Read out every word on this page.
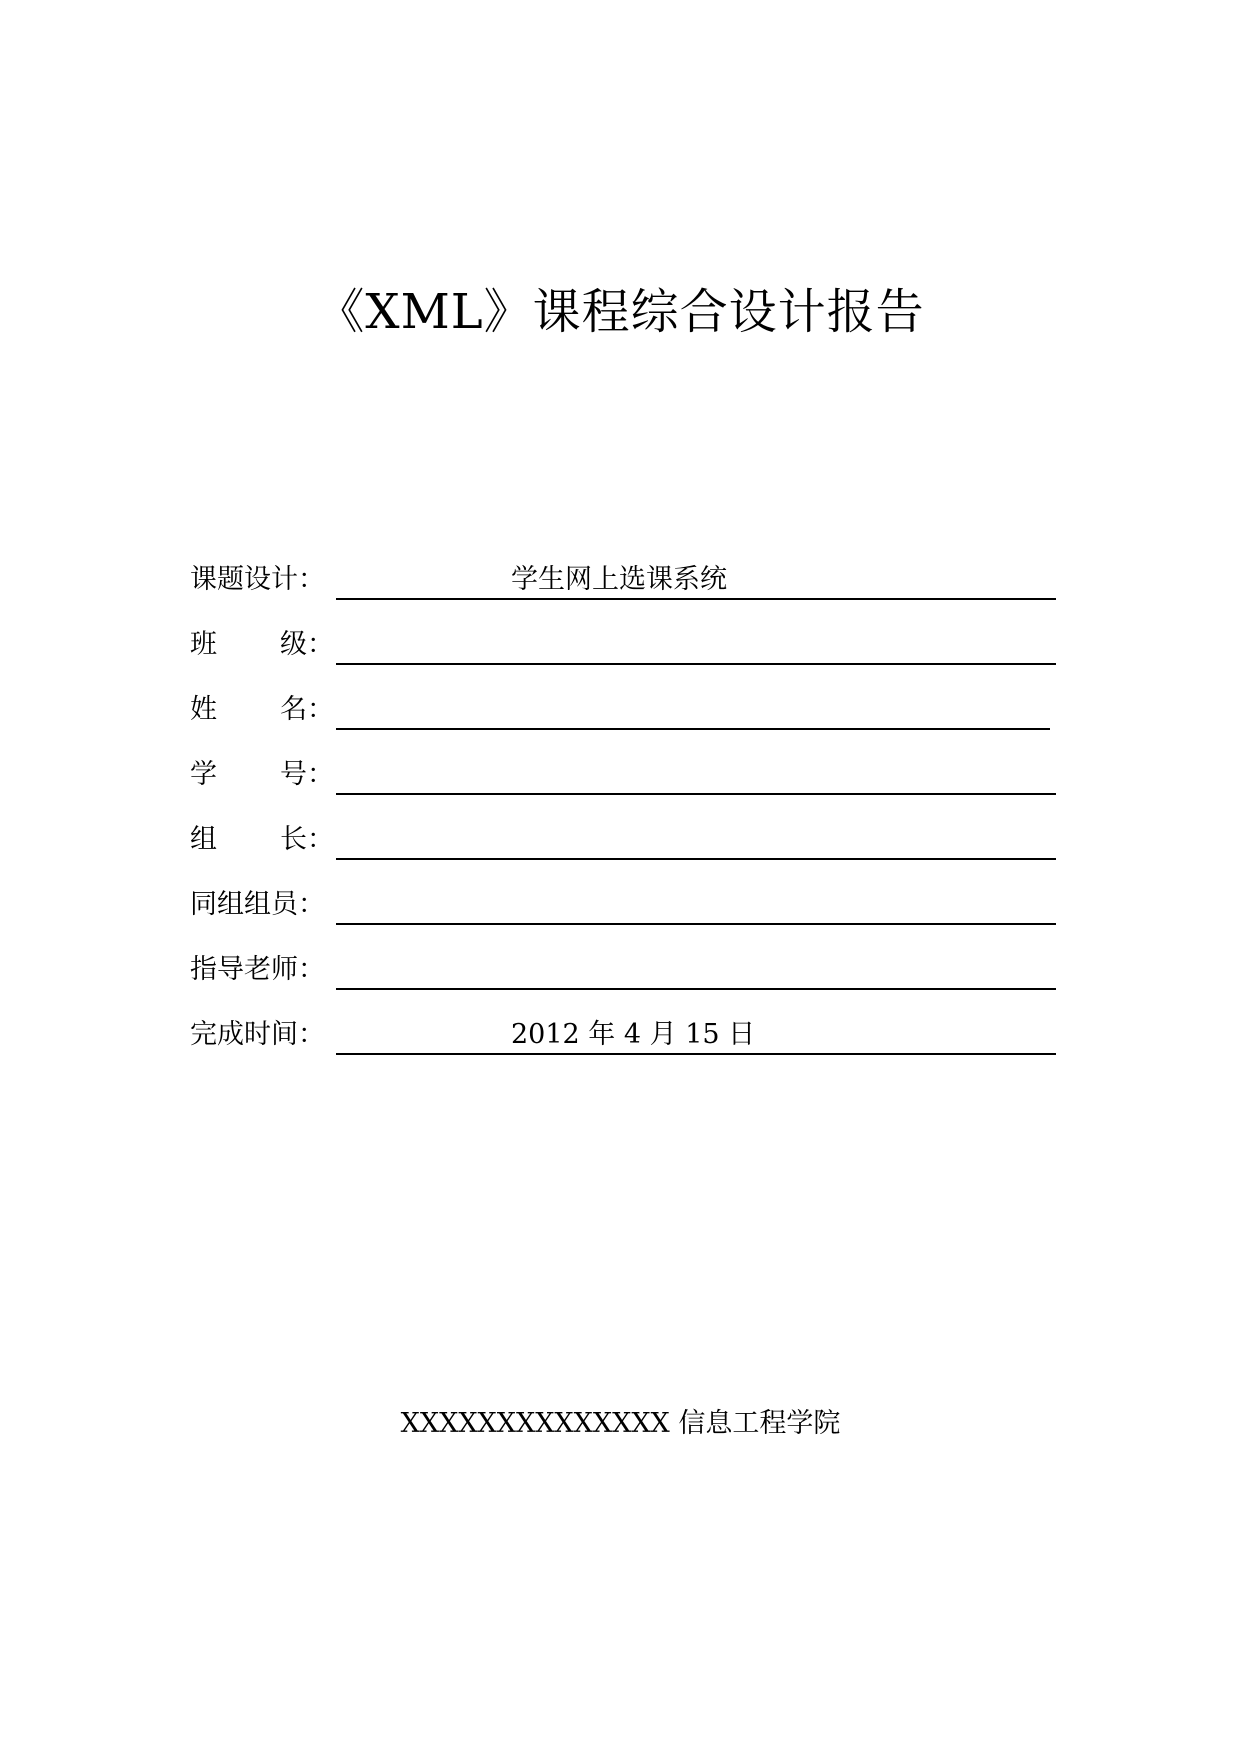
《XML》课程综合设计报告
课题设计：	学生网上选课系统
班 级：
姓 名：
学 号：
组 长：
同组组员：
指导老师：
完成时间：	2012 年 4 月 15 日
XXXXXXXXXXXXXX 信息工程学院
